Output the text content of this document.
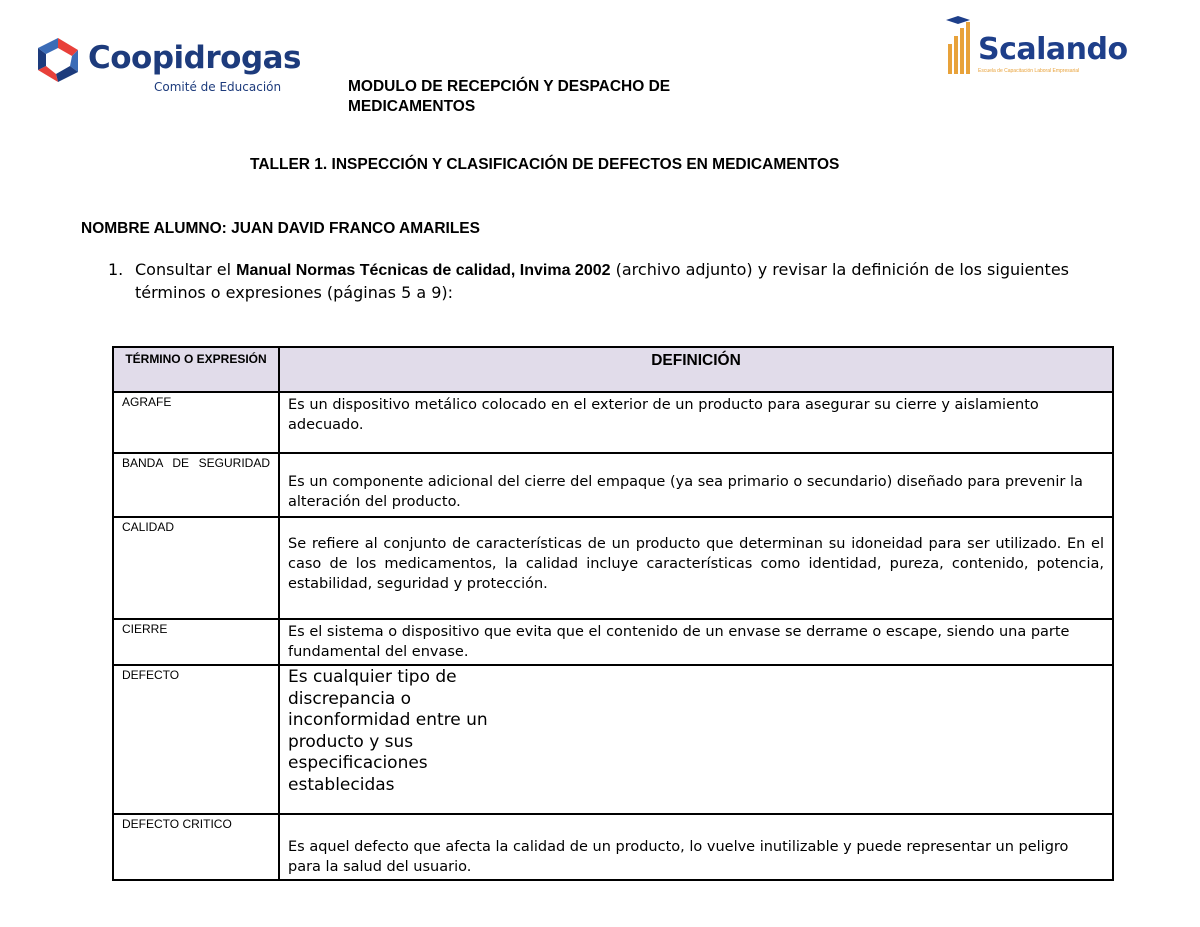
Coopidrogas
Comité de Educación
Scalando
Escuela de Capacitación Laboral Empresarial
MODULO DE RECEPCIÓN Y DESPACHO DE MEDICAMENTOS
TALLER 1. INSPECCIÓN Y CLASIFICACIÓN DE DEFECTOS EN MEDICAMENTOS
NOMBRE ALUMNO: JUAN DAVID FRANCO AMARILES
1. Consultar el Manual Normas Técnicas de calidad, Invima 2002 (archivo adjunto) y revisar la definición de los siguientes términos o expresiones (páginas 5 a 9):
TÉRMINO O EXPRESIÓN	DEFINICIÓN
AGRAFE	Es un dispositivo metálico colocado en el exterior de un producto para asegurar su cierre y aislamiento adecuado.
BANDA DE SEGURIDAD	Es un componente adicional del cierre del empaque (ya sea primario o secundario) diseñado para prevenir la alteración del producto.
CALIDAD	Se refiere al conjunto de características de un producto que determinan su idoneidad para ser utilizado. En el caso de los medicamentos, la calidad incluye características como identidad, pureza, contenido, potencia, estabilidad, seguridad y protección.
CIERRE	Es el sistema o dispositivo que evita que el contenido de un envase se derrame o escape, siendo una parte fundamental del envase.
DEFECTO	Es cualquier tipo de discrepancia o inconformidad entre un producto y sus especificaciones establecidas

DEFECTO CRITICO	Es aquel defecto que afecta la calidad de un producto, lo vuelve inutilizable y puede representar un peligro para la salud del usuario.
